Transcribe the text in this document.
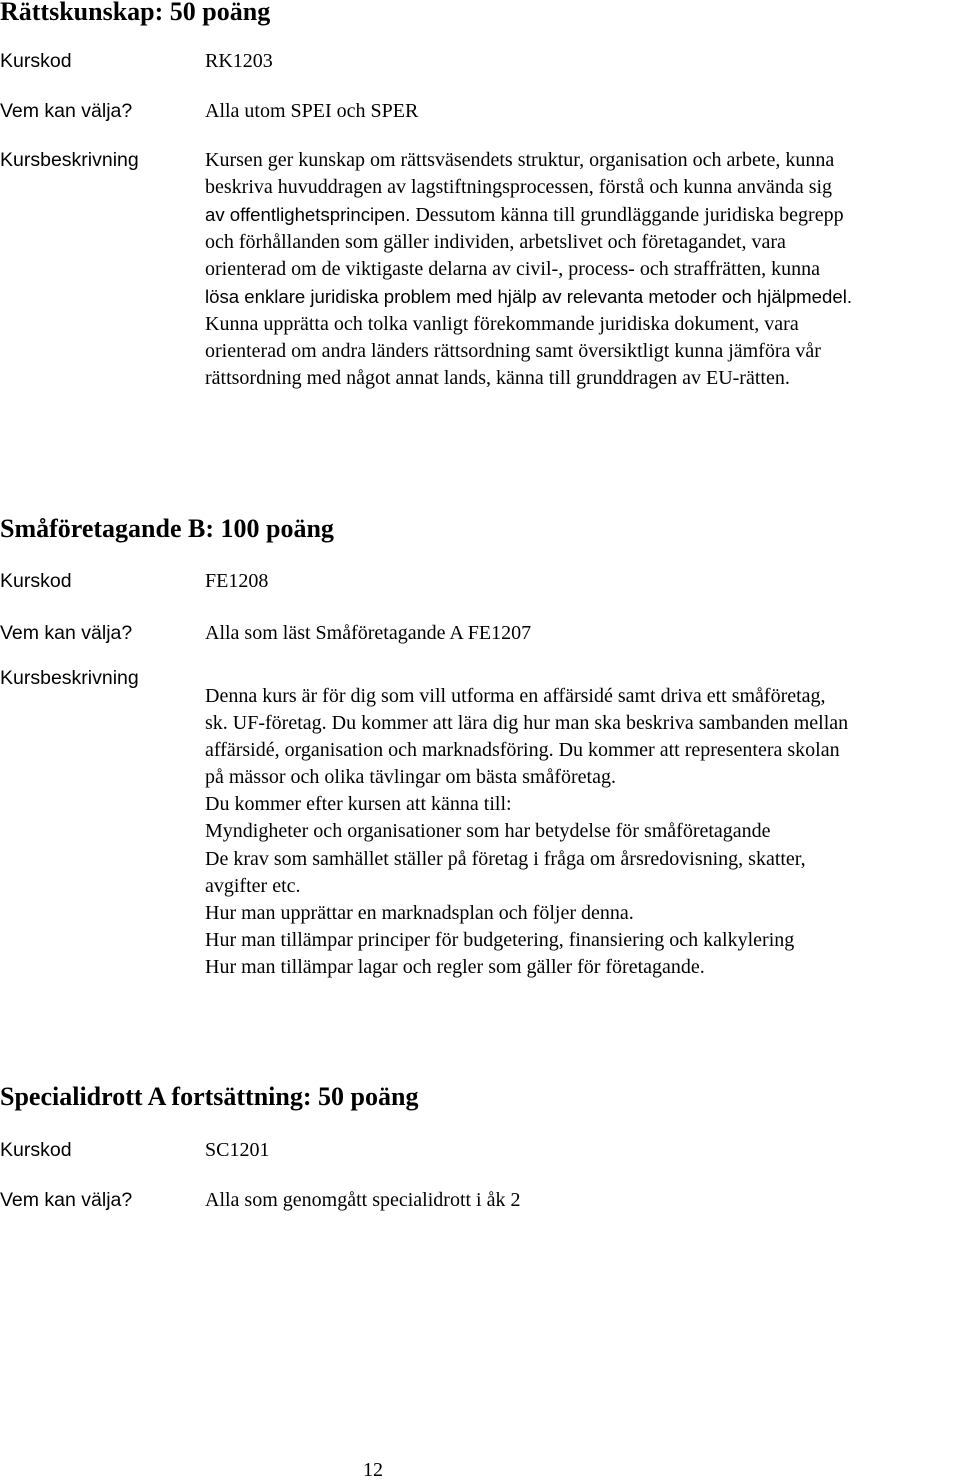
Rättskunskap: 50 poäng
Kurskod	RK1203
Vem kan välja?	Alla utom SPEI och SPER
Kursbeskrivning	Kursen ger kunskap om rättsväsendets struktur, organisation och arbete, kunna
beskriva huvuddragen av lagstiftningsprocessen, förstå och kunna använda sig
av offentlighetsprincipen. Dessutom känna till grundläggande juridiska begrepp
och förhållanden som gäller individen, arbetslivet och företagandet, vara
orienterad om de viktigaste delarna av civil-, process- och straffrätten, kunna
lösa enklare juridiska problem med hjälp av relevanta metoder och hjälpmedel.
Kunna upprätta och tolka vanligt förekommande juridiska dokument, vara
orienterad om andra länders rättsordning samt översiktligt kunna jämföra vår
rättsordning med något annat lands, känna till grunddragen av EU-rätten.
Småföretagande B: 100 poäng
Kurskod	FE1208
Vem kan välja?	Alla som läst Småföretagande A FE1207
Kursbeskrivning
Denna kurs är för dig som vill utforma en affärsidé samt driva ett småföretag,
sk. UF-företag. Du kommer att lära dig hur man ska beskriva sambanden mellan
affärsidé, organisation och marknadsföring. Du kommer att representera skolan
på mässor och olika tävlingar om bästa småföretag.
Du kommer efter kursen att känna till:
Myndigheter och organisationer som har betydelse för småföretagande
De krav som samhället ställer på företag i fråga om årsredovisning, skatter,
avgifter etc.
Hur man upprättar en marknadsplan och följer denna.
Hur man tillämpar principer för budgetering, finansiering och kalkylering
Hur man tillämpar lagar och regler som gäller för företagande.
Specialidrott A fortsättning: 50 poäng
Kurskod	SC1201
Vem kan välja?	Alla som genomgått specialidrott i åk 2
12
